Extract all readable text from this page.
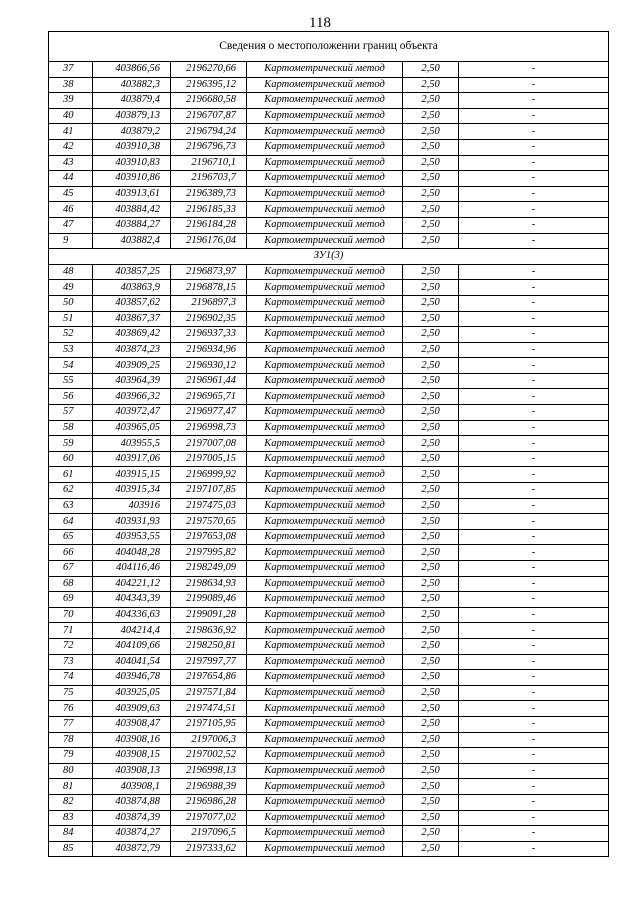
118
Сведения о местоположении границ объекта					
37	403866,56	2196270,66	Картометрический метод	2,50	-
38	403882,3	2196395,12	Картометрический метод	2,50	-
39	403879,4	2196680,58	Картометрический метод	2,50	-
40	403879,13	2196707,87	Картометрический метод	2,50	-
41	403879,2	2196794,24	Картометрический метод	2,50	-
42	403910,38	2196796,73	Картометрический метод	2,50	-
43	403910,83	2196710,1	Картометрический метод	2,50	-
44	403910,86	2196703,7	Картометрический метод	2,50	-
45	403913,61	2196389,73	Картометрический метод	2,50	-
46	403884,42	2196185,33	Картометрический метод	2,50	-
47	403884,27	2196184,28	Картометрический метод	2,50	-
9	403882,4	2196176,04	Картометрический метод	2,50	-
ЗУ1(3)					
48	403857,25	2196873,97	Картометрический метод	2,50	-
49	403863,9	2196878,15	Картометрический метод	2,50	-
50	403857,62	2196897,3	Картометрический метод	2,50	-
51	403867,37	2196902,35	Картометрический метод	2,50	-
52	403869,42	2196937,33	Картометрический метод	2,50	-
53	403874,23	2196934,96	Картометрический метод	2,50	-
54	403909,25	2196930,12	Картометрический метод	2,50	-
55	403964,39	2196961,44	Картометрический метод	2,50	-
56	403966,32	2196965,71	Картометрический метод	2,50	-
57	403972,47	2196977,47	Картометрический метод	2,50	-
58	403965,05	2196998,73	Картометрический метод	2,50	-
59	403955,5	2197007,08	Картометрический метод	2,50	-
60	403917,06	2197005,15	Картометрический метод	2,50	-
61	403915,15	2196999,92	Картометрический метод	2,50	-
62	403915,34	2197107,85	Картометрический метод	2,50	-
63	403916	2197475,03	Картометрический метод	2,50	-
64	403931,93	2197570,65	Картометрический метод	2,50	-
65	403953,55	2197653,08	Картометрический метод	2,50	-
66	404048,28	2197995,82	Картометрический метод	2,50	-
67	404116,46	2198249,09	Картометрический метод	2,50	-
68	404221,12	2198634,93	Картометрический метод	2,50	-
69	404343,39	2199089,46	Картометрический метод	2,50	-
70	404336,63	2199091,28	Картометрический метод	2,50	-
71	404214,4	2198636,92	Картометрический метод	2,50	-
72	404109,66	2198250,81	Картометрический метод	2,50	-
73	404041,54	2197997,77	Картометрический метод	2,50	-
74	403946,78	2197654,86	Картометрический метод	2,50	-
75	403925,05	2197571,84	Картометрический метод	2,50	-
76	403909,63	2197474,51	Картометрический метод	2,50	-
77	403908,47	2197105,95	Картометрический метод	2,50	-
78	403908,16	2197006,3	Картометрический метод	2,50	-
79	403908,15	2197002,52	Картометрический метод	2,50	-
80	403908,13	2196998,13	Картометрический метод	2,50	-
81	403908,1	2196988,39	Картометрический метод	2,50	-
82	403874,88	2196986,28	Картометрический метод	2,50	-
83	403874,39	2197077,02	Картометрический метод	2,50	-
84	403874,27	2197096,5	Картометрический метод	2,50	-
85	403872,79	2197333,62	Картометрический метод	2,50	-
